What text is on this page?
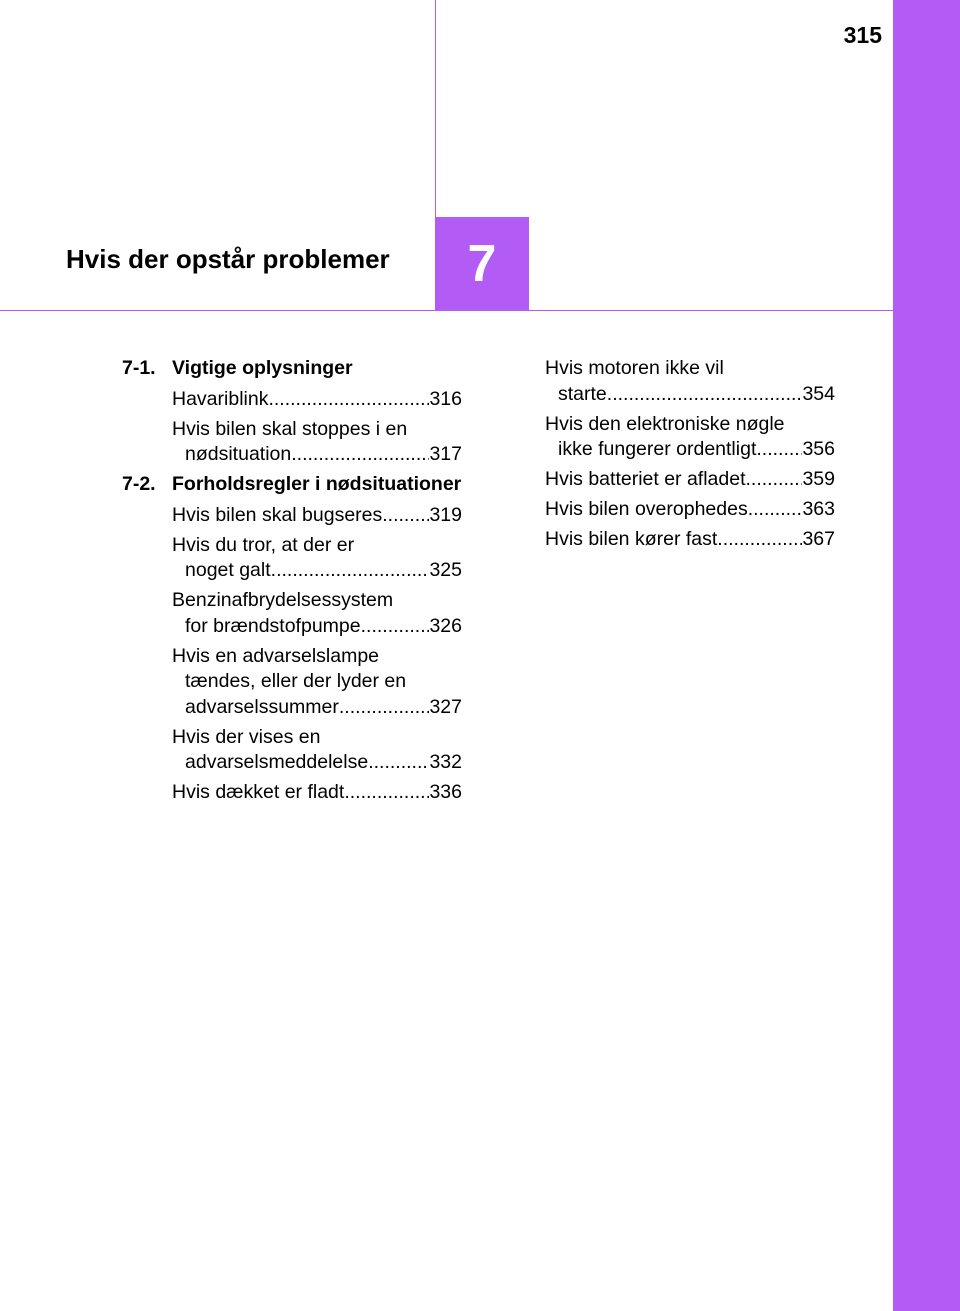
315
Hvis der opstår problemer	7
7-1. Vigtige oplysninger
Havariblink .....	316
Hvis bilen skal stoppes i en
nødsituation .....	317
7-2. Forholdsregler i nødsituationer
Hvis bilen skal bugseres ..... 319
Hvis du tror, at der er
noget galt .....	325
Benzinafbrydelsessystem
for brændstofpumpe .....	326
Hvis en advarselslampe
tændes, eller der lyder en
advarselssummer .....	327
Hvis der vises en
advarselsmeddelelse .....	332
Hvis dækket er fladt .....	336
Hvis motoren ikke vil
starte .....	354
Hvis den elektroniske nøgle
ikke fungerer ordentligt ..... 356
Hvis batteriet er afladet .....	359
Hvis bilen overophedes .....	363
Hvis bilen kører fast .....	367
